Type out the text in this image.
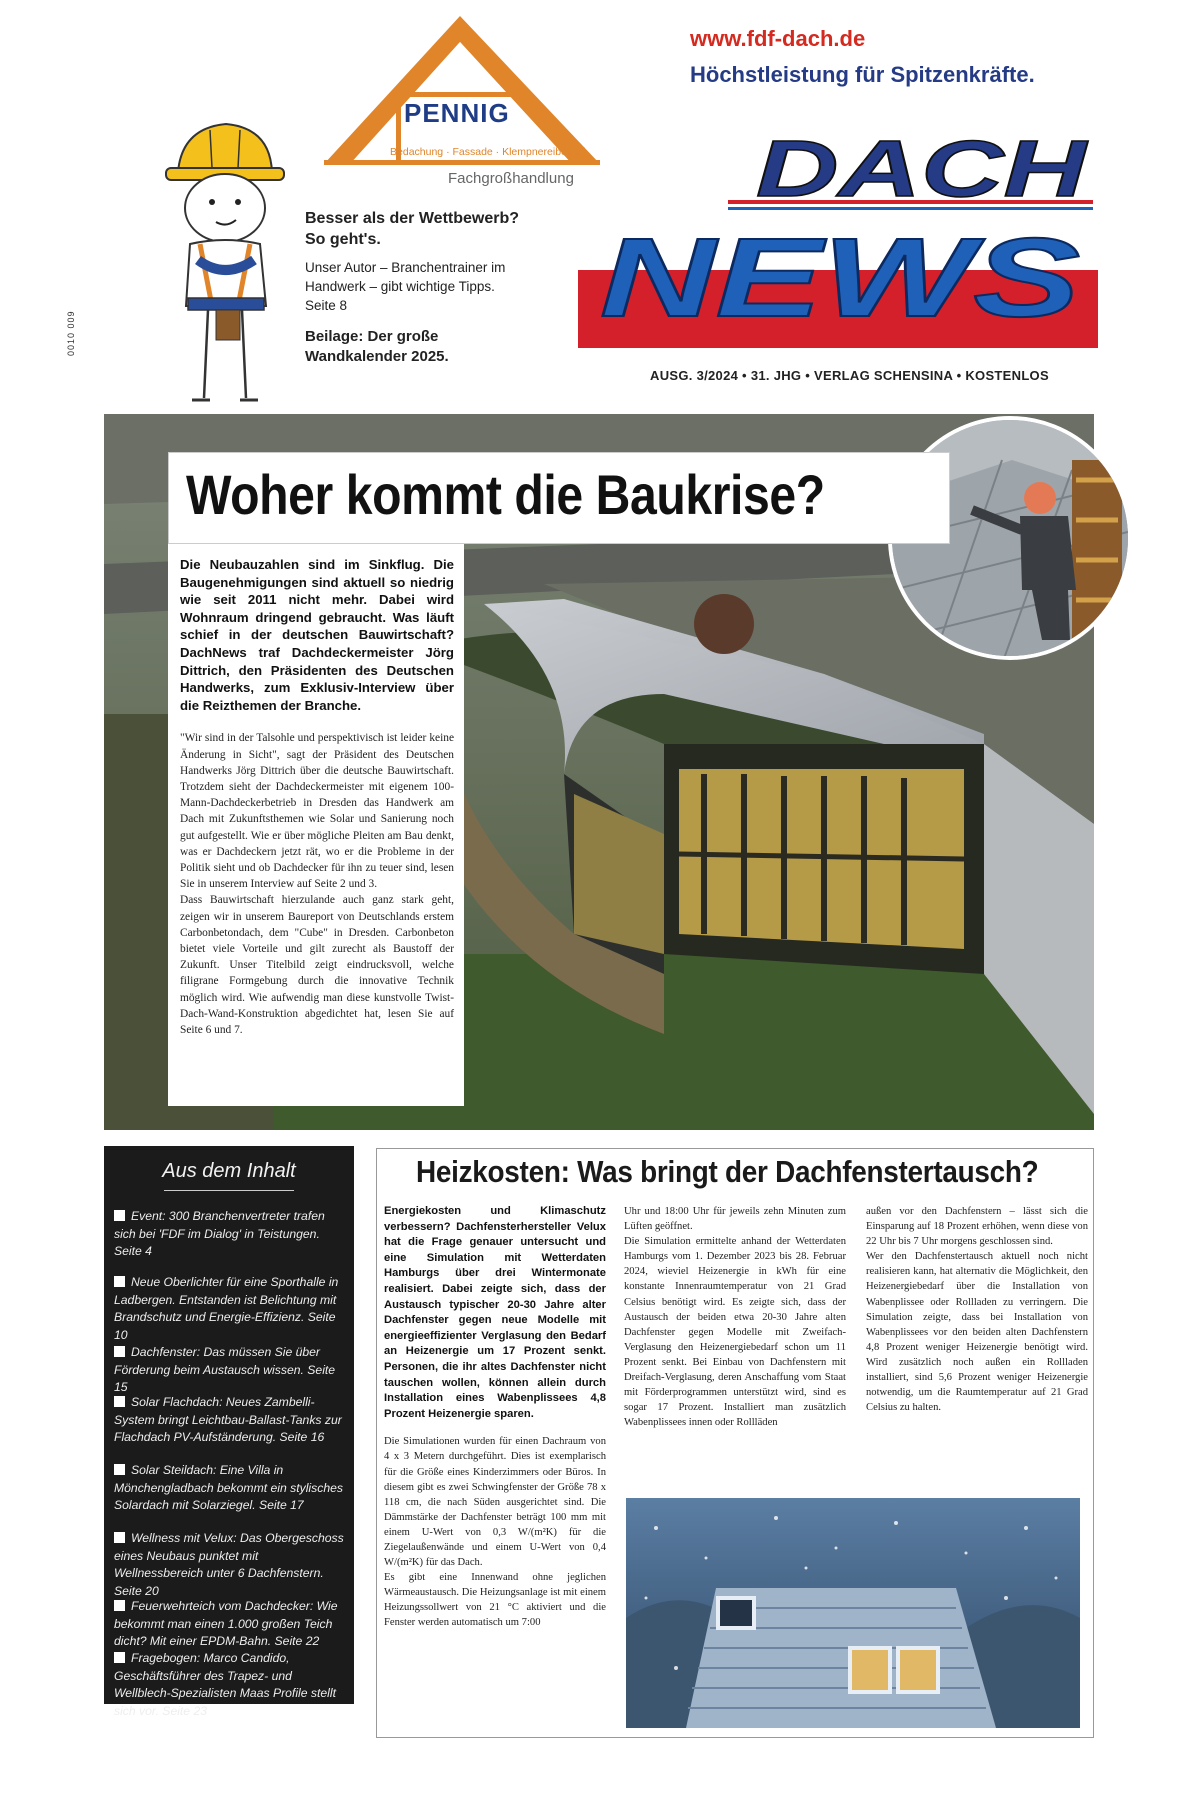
0010 009
PENNIG
Bedachung · Fassade · Klempnereibedarf
Fachgroßhandlung
Besser als der Wettbewerb? So geht's.
Unser Autor – Branchentrainer im Handwerk – gibt wichtige Tipps. Seite 8
Beilage: Der große Wandkalender 2025.
www.fdf-dach.de
Höchstleistung für Spitzenkräfte.
DACH
NEWS
AUSG. 3/2024 • 31. JHG • VERLAG SCHENSINA • KOSTENLOS
Woher kommt die Baukrise?
Die Neubauzahlen sind im Sinkflug. Die Baugenehmigungen sind aktuell so niedrig wie seit 2011 nicht mehr. Dabei wird Wohnraum dringend gebraucht. Was läuft schief in der deutschen Bauwirtschaft? DachNews traf Dachdeckermeister Jörg Dittrich, den Präsidenten des Deutschen Handwerks, zum Exklusiv-Interview über die Reizthemen der Branche.
"Wir sind in der Talsohle und perspektivisch ist leider keine Änderung in Sicht", sagt der Präsident des Deutschen Handwerks Jörg Dittrich über die deutsche Bauwirtschaft. Trotzdem sieht der Dachdeckermeister mit eigenem 100-Mann-Dachdeckerbetrieb in Dresden das Handwerk am Dach mit Zukunftsthemen wie Solar und Sanierung noch gut aufgestellt. Wie er über mögliche Pleiten am Bau denkt, was er Dachdeckern jetzt rät, wo er die Probleme in der Politik sieht und ob Dachdecker für ihn zu teuer sind, lesen Sie in unserem Interview auf Seite 2 und 3.
Dass Bauwirtschaft hierzulande auch ganz stark geht, zeigen wir in unserem Baureport von Deutschlands erstem Carbonbetondach, dem "Cube" in Dresden. Carbonbeton bietet viele Vorteile und gilt zurecht als Baustoff der Zukunft. Unser Titelbild zeigt eindrucksvoll, welche filigrane Formgebung durch die innovative Technik möglich wird. Wie aufwendig man diese kunstvolle Twist-Dach-Wand-Konstruktion abgedichtet hat, lesen Sie auf Seite 6 und 7.
Aus dem Inhalt
Event: 300 Branchenvertreter trafen sich bei 'FDF im Dialog' in Teistungen. Seite 4
Neue Oberlichter für eine Sporthalle in Ladbergen. Entstanden ist Belichtung mit Brandschutz und Energie-Effizienz. Seite 10
Dachfenster: Das müssen Sie über Förderung beim Austausch wissen. Seite 15
Solar Flachdach: Neues Zambelli-System bringt Leichtbau-Ballast-Tanks zur Flachdach PV-Aufständerung. Seite 16
Solar Steildach: Eine Villa in Mönchengladbach bekommt ein stylisches Solardach mit Solarziegel. Seite 17
Wellness mit Velux: Das Obergeschoss eines Neubaus punktet mit Wellnessbereich unter 6 Dachfenstern. Seite 20
Feuerwehrteich vom Dachdecker: Wie bekommt man einen 1.000 großen Teich dicht? Mit einer EPDM-Bahn. Seite 22
Fragebogen: Marco Candido, Geschäftsführer des Trapez- und Wellblech-Spezialisten Maas Profile stellt sich vor. Seite 23
Heizkosten: Was bringt der Dachfenstertausch?
Energiekosten und Klimaschutz verbessern? Dachfensterhersteller Velux hat die Frage genauer untersucht und eine Simulation mit Wetterdaten Hamburgs über drei Wintermonate realisiert. Dabei zeigte sich, dass der Austausch typischer 20-30 Jahre alter Dachfenster gegen neue Modelle mit energieeffizienter Verglasung den Bedarf an Heizenergie um 17 Prozent senkt. Personen, die ihr altes Dachfenster nicht tauschen wollen, können allein durch Installation eines Wabenplissees 4,8 Prozent Heizenergie sparen.
Die Simulationen wurden für einen Dachraum von 4 x 3 Metern durchgeführt. Dies ist exemplarisch für die Größe eines Kinderzimmers oder Büros. In diesem gibt es zwei Schwingfenster der Größe 78 x 118 cm, die nach Süden ausgerichtet sind. Die Dämmstärke der Dachfenster beträgt 100 mm mit einem U-Wert von 0,3 W/(m²K) für die Ziegelaußenwände und einem U-Wert von 0,4 W/(m²K) für das Dach.
Es gibt eine Innenwand ohne jeglichen Wärmeaustausch. Die Heizungsanlage ist mit einem Heizungssollwert von 21 °C aktiviert und die Fenster werden automatisch um 7:00
Uhr und 18:00 Uhr für jeweils zehn Minuten zum Lüften geöffnet.
Die Simulation ermittelte anhand der Wetterdaten Hamburgs vom 1. Dezember 2023 bis 28. Februar 2024, wieviel Heizenergie in kWh für eine konstante Innenraumtemperatur von 21 Grad Celsius benötigt wird. Es zeigte sich, dass der Austausch der beiden etwa 20-30 Jahre alten Dachfenster gegen Modelle mit Zweifach-Verglasung den Heizenergiebedarf schon um 11 Prozent senkt. Bei Einbau von Dachfenstern mit Dreifach-Verglasung, deren Anschaffung vom Staat mit Förderprogrammen unterstützt wird, sind es sogar 17 Prozent. Installiert man zusätzlich Wabenplissees innen oder Rollläden
außen vor den Dachfenstern – lässt sich die Einsparung auf 18 Prozent erhöhen, wenn diese von 22 Uhr bis 7 Uhr morgens geschlossen sind.
Wer den Dachfenstertausch aktuell noch nicht realisieren kann, hat alternativ die Möglichkeit, den Heizenergiebedarf über die Installation von Wabenplissee oder Rollladen zu verringern. Die Simulation zeigte, dass bei Installation von Wabenplissees vor den beiden alten Dachfenstern 4,8 Prozent weniger Heizenergie benötigt wird. Wird zusätzlich noch außen ein Rollladen installiert, sind 5,6 Prozent weniger Heizenergie notwendig, um die Raumtemperatur auf 21 Grad Celsius zu halten.
